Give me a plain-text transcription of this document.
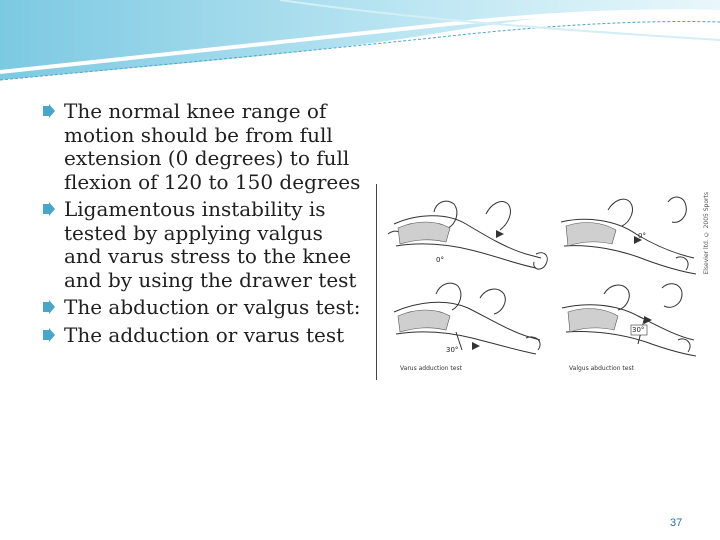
The normal knee range of motion should be from full extension (0 degrees) to full flexion of 120 to 150 degrees
Ligamentous instability is tested by applying valgus and varus stress to the knee and by using the drawer test
The abduction or valgus test:
The adduction or varus test
0°
0°
30°
30°
Varus adduction test	Valgus abduction test
Elsevier ltd. © 2005 Sports
37
